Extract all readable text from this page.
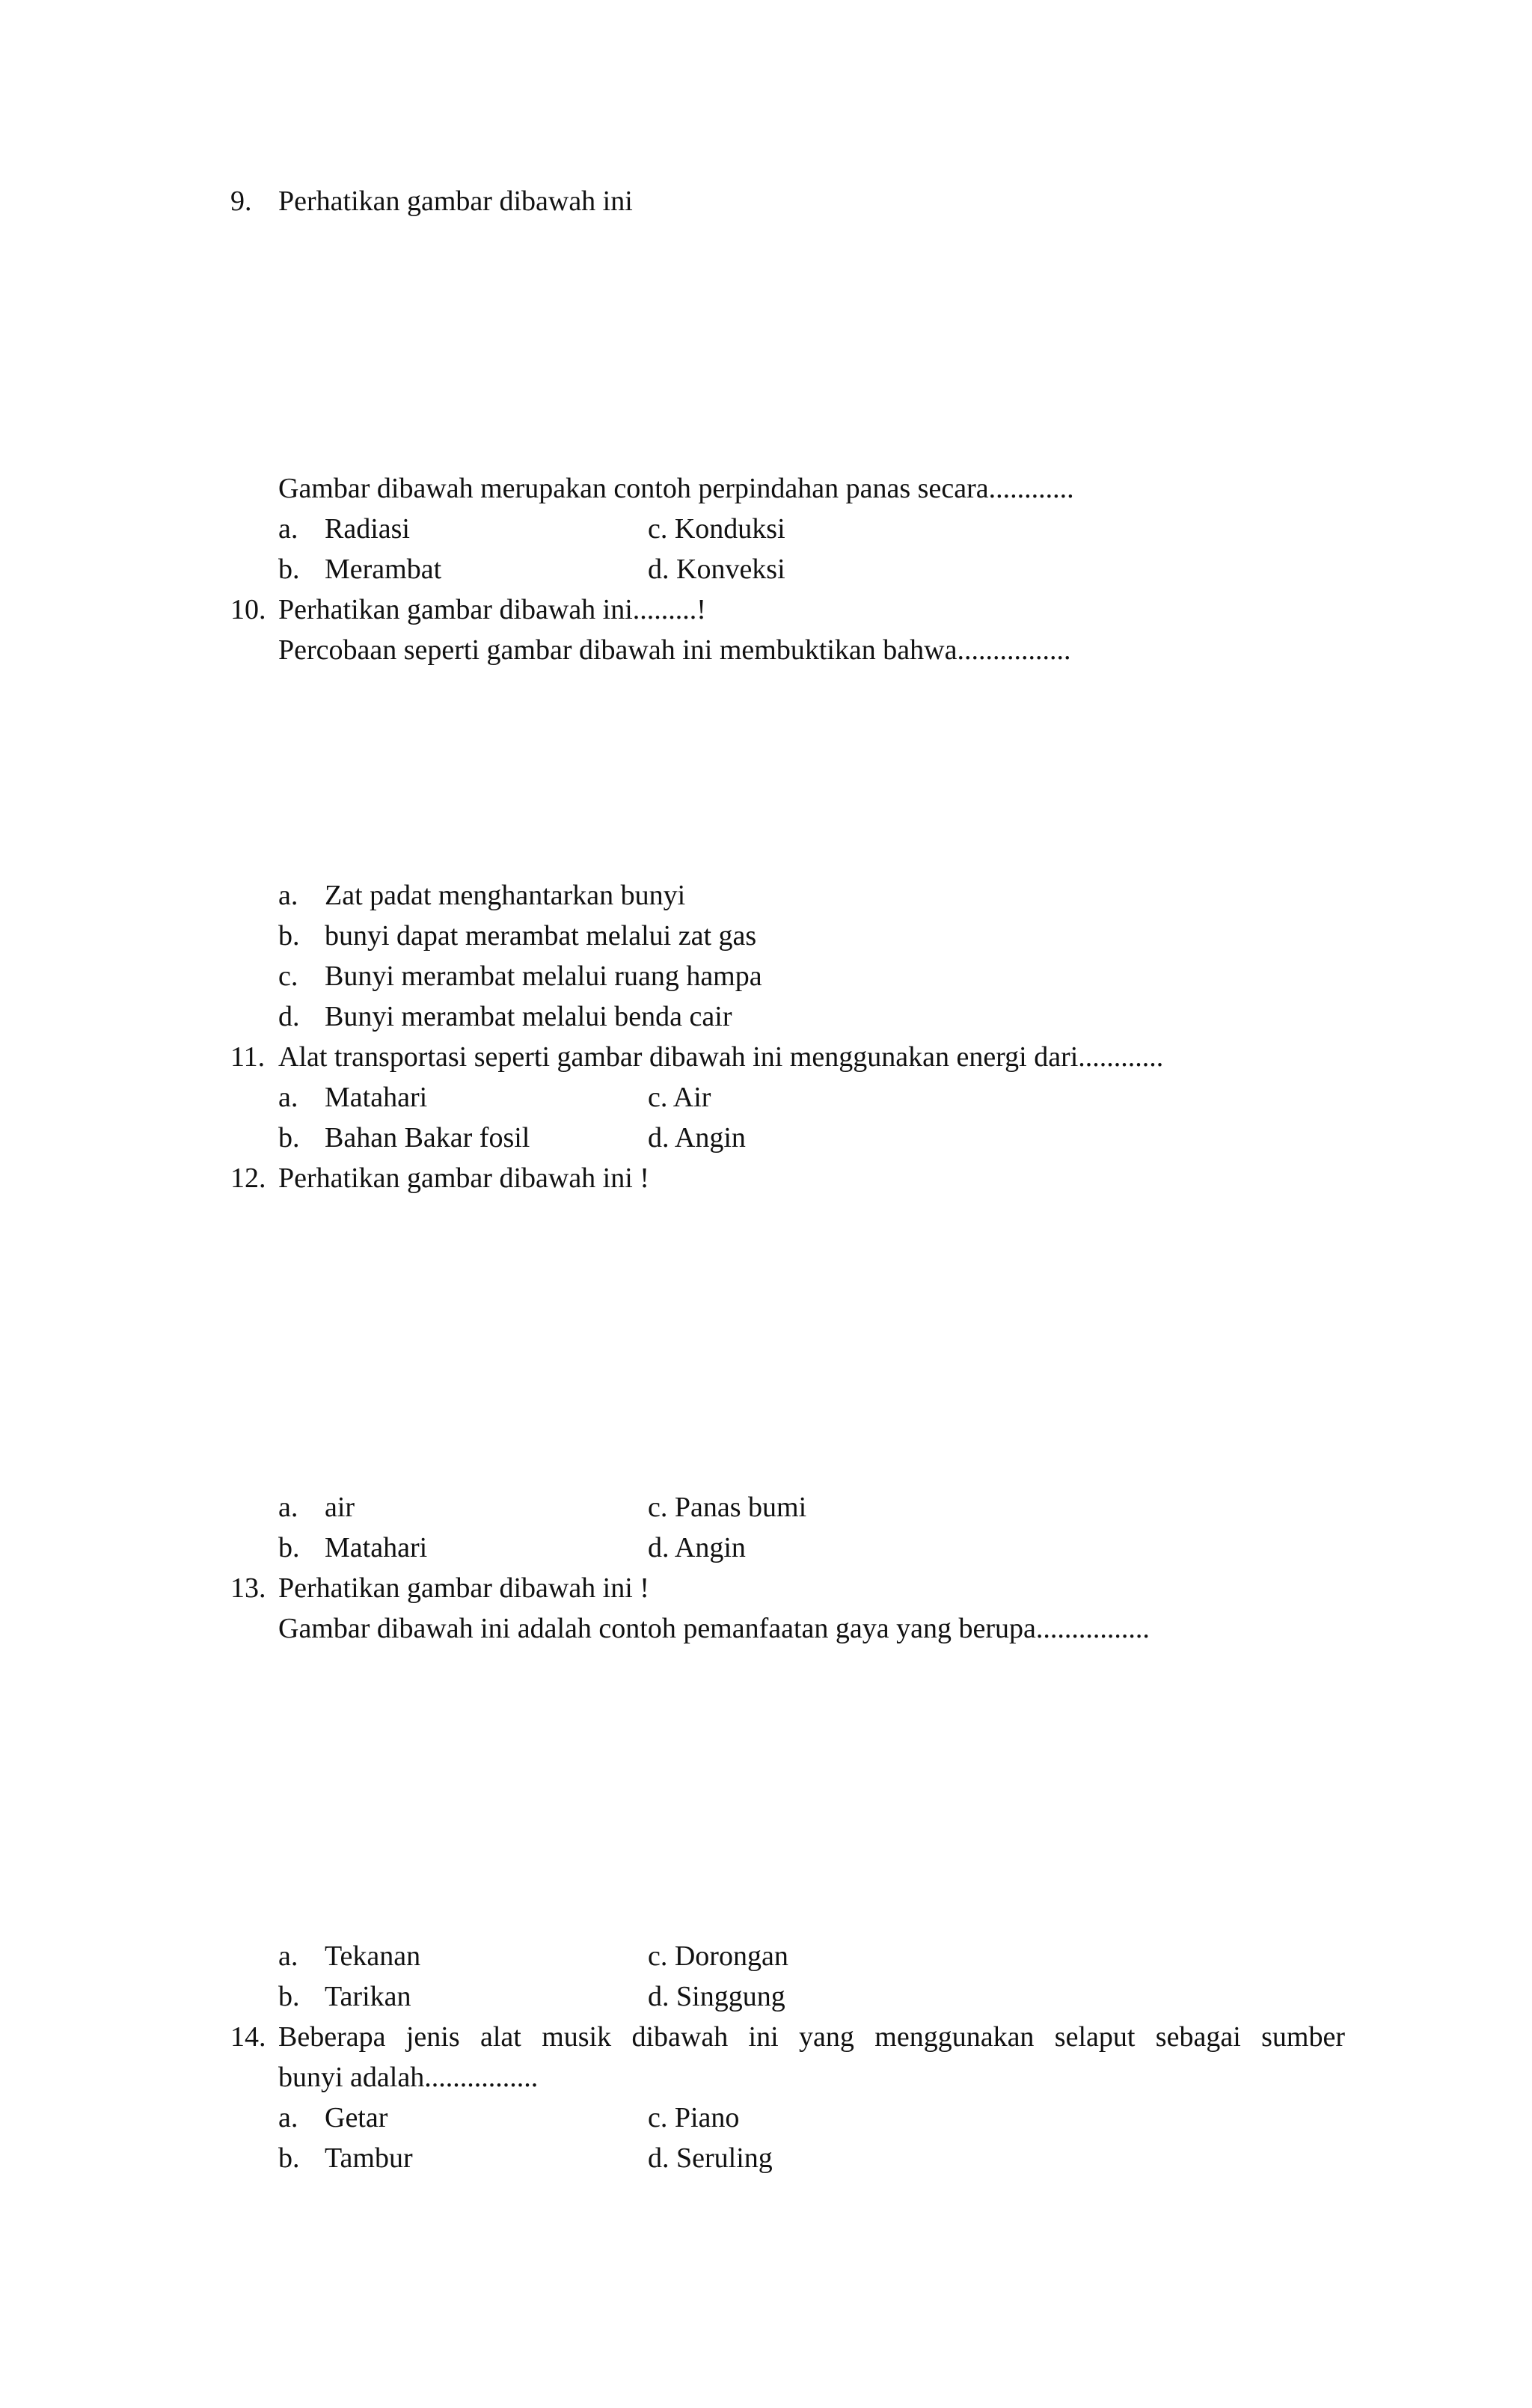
9. Perhatikan gambar dibawah ini
Gambar dibawah merupakan contoh perpindahan panas secara............
a. Radiasi	c. Konduksi
b. Merambat	d. Konveksi
10. Perhatikan gambar dibawah ini.........!
Percobaan seperti gambar dibawah ini membuktikan bahwa................
a. Zat padat menghantarkan bunyi
b. bunyi dapat merambat melalui zat gas
c. Bunyi merambat melalui ruang hampa
d. Bunyi merambat melalui benda cair
11. Alat transportasi seperti gambar dibawah ini menggunakan energi dari............
a. Matahari	c. Air
b. Bahan Bakar fosil	d. Angin
12. Perhatikan gambar dibawah ini !
a. air	c. Panas bumi
b. Matahari	d. Angin
13. Perhatikan gambar dibawah ini !
Gambar dibawah ini adalah contoh pemanfaatan gaya yang berupa................
a. Tekanan	c. Dorongan
b. Tarikan	d. Singgung
14. Beberapa jenis alat musik dibawah ini yang menggunakan selaput sebagai sumber
bunyi adalah................
a. Getar	c. Piano
b. Tambur	d. Seruling
